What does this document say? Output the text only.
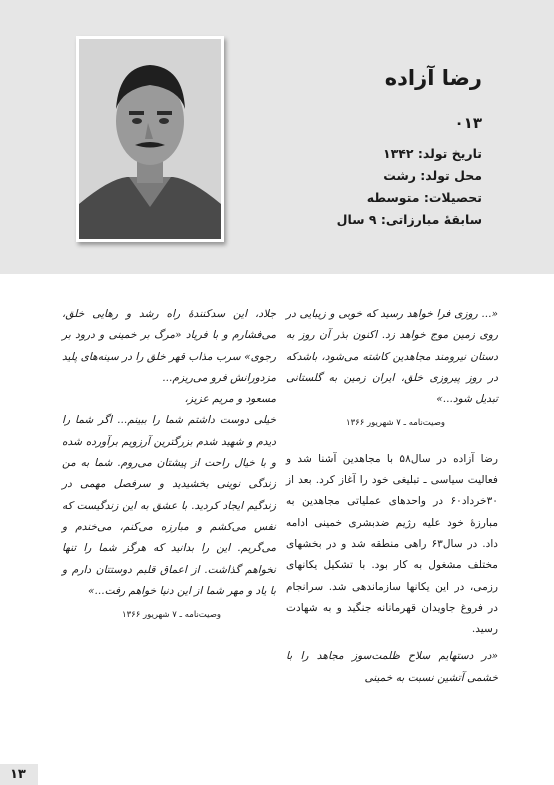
رضا آزاده
۰۱۳
تاریخ تولد: ۱۳۴۲
محل تولد: رشت
تحصیلات: متوسطه
سابقهٔ مبارزاتی: ۹ سال

«... روزی فرا خواهد رسید که خوبی و زیبایی در روی زمین موج خواهد زد. اکنون بذر آن روز به دستان نیرومند مجاهدین کاشته می‌شود، باشدکه در روز پیروزی خلق، ایران زمین به گلستانی تبدیل شود...»

وصیت‌نامه ـ ۷ شهریور ۱۳۶۶

رضا آزاده در سال۵۸ با مجاهدین آشنا شد و فعالیت سیاسی ـ تبلیغی خود را آغاز کرد. بعد از ۳۰خرداد۶۰ در واحدهای عملیاتی مجاهدین به مبارزهٔ خود علیه رژیم ضدبشری خمینی ادامه داد. در سال۶۳ راهی منطقه شد و در بخشهای مختلف مشغول به کار بود. با تشکیل یکانهای رزمی، در این یکانها سازماندهی شد. سرانجام در فروغ جاویدان قهرمانانه جنگید و به شهادت رسید.

«در دستهایم سلاح ظلمت‌سوز مجاهد را با خشمی آتشین نسبت به خمینی

جلاد، این سدکنندهٔ راه رشد و رهایی خلق، می‌فشارم و با فریاد «مرگ بر خمینی و درود بر رجوی» سرب مذاب قهر خلق را در سینه‌های پلید مزدورانش فرو می‌ریزم...

مسعود و مریم عزیز،

خیلی دوست داشتم شما را ببینم... اگر شما را دیدم و شهید شدم بزرگترین آرزویم برآورده شده و با خیال راحت از پیشتان می‌روم. شما به من زندگی نوینی بخشیدید و سرفصل مهمی در زندگیم ایجاد کردید. با عشق به این زندگیست که نفس می‌کشم و مبارزه می‌کنم، می‌خندم و می‌گریم. این را بدانید که هرگز شما را تنها نخواهم گذاشت. از اعماق قلبم دوستتان دارم و با یاد و مهر شما از این دنیا خواهم رفت...»

وصیت‌نامه ـ ۷ شهریور ۱۳۶۶

۱۳
